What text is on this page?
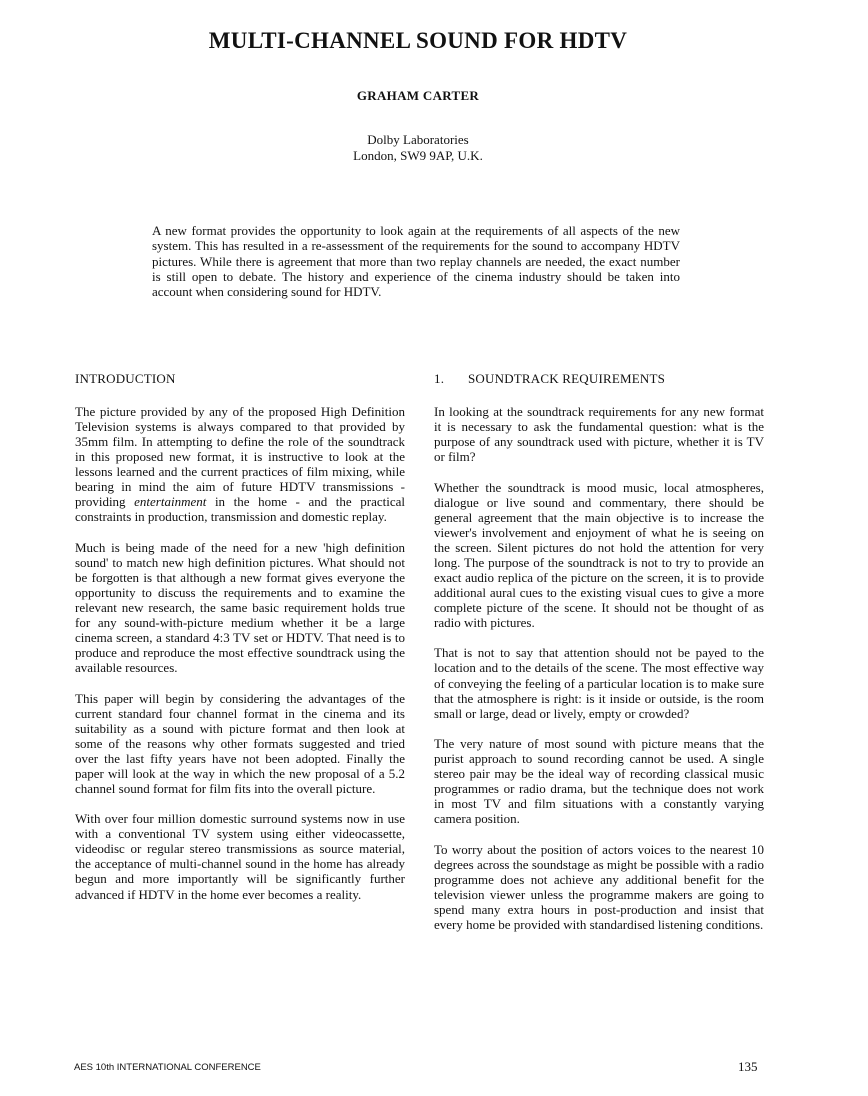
MULTI-CHANNEL SOUND FOR HDTV
GRAHAM CARTER
Dolby Laboratories
London, SW9 9AP, U.K.

A new format provides the opportunity to look again at the requirements of all aspects of the new system. This has resulted in a re-assessment of the requirements for the sound to accompany HDTV pictures. While there is agreement that more than two replay channels are needed, the exact number is still open to debate. The history and experience of the cinema industry should be taken into account when considering sound for HDTV.

INTRODUCTION

The picture provided by any of the proposed High Definition Television systems is always compared to that provided by 35mm film. In attempting to define the role of the soundtrack in this proposed new format, it is instructive to look at the lessons learned and the current practices of film mixing, while bearing in mind the aim of future HDTV transmissions - providing entertainment in the home - and the practical constraints in production, transmission and domestic replay.

Much is being made of the need for a new 'high definition sound' to match new high definition pictures. What should not be forgotten is that although a new format gives everyone the opportunity to discuss the requirements and to examine the relevant new research, the same basic requirement holds true for any sound-with-picture medium whether it be a large cinema screen, a standard 4:3 TV set or HDTV. That need is to produce and reproduce the most effective soundtrack using the available resources.

This paper will begin by considering the advantages of the current standard four channel format in the cinema and its suitability as a sound with picture format and then look at some of the reasons why other formats suggested and tried over the last fifty years have not been adopted. Finally the paper will look at the way in which the new proposal of a 5.2 channel sound format for film fits into the overall picture.

With over four million domestic surround systems now in use with a conventional TV system using either videocassette, videodisc or regular stereo transmissions as source material, the acceptance of multi-channel sound in the home has already begun and more importantly will be significantly further advanced if HDTV in the home ever becomes a reality.

1. SOUNDTRACK REQUIREMENTS

In looking at the soundtrack requirements for any new format it is necessary to ask the fundamental question: what is the purpose of any soundtrack used with picture, whether it is TV or film?

Whether the soundtrack is mood music, local atmospheres, dialogue or live sound and commentary, there should be general agreement that the main objective is to increase the viewer's involvement and enjoyment of what he is seeing on the screen. Silent pictures do not hold the attention for very long. The purpose of the soundtrack is not to try to provide an exact audio replica of the picture on the screen, it is to provide additional aural cues to the existing visual cues to give a more complete picture of the scene. It should not be thought of as radio with pictures.

That is not to say that attention should not be payed to the location and to the details of the scene. The most effective way of conveying the feeling of a particular location is to make sure that the atmosphere is right: is it inside or outside, is the room small or large, dead or lively, empty or crowded?

The very nature of most sound with picture means that the purist approach to sound recording cannot be used. A single stereo pair may be the ideal way of recording classical music programmes or radio drama, but the technique does not work in most TV and film situations with a constantly varying camera position.

To worry about the position of actors voices to the nearest 10 degrees across the soundstage as might be possible with a radio programme does not achieve any additional benefit for the television viewer unless the programme makers are going to spend many extra hours in post-production and insist that every home be provided with standardised listening conditions.

AES 10th INTERNATIONAL CONFERENCE	135
